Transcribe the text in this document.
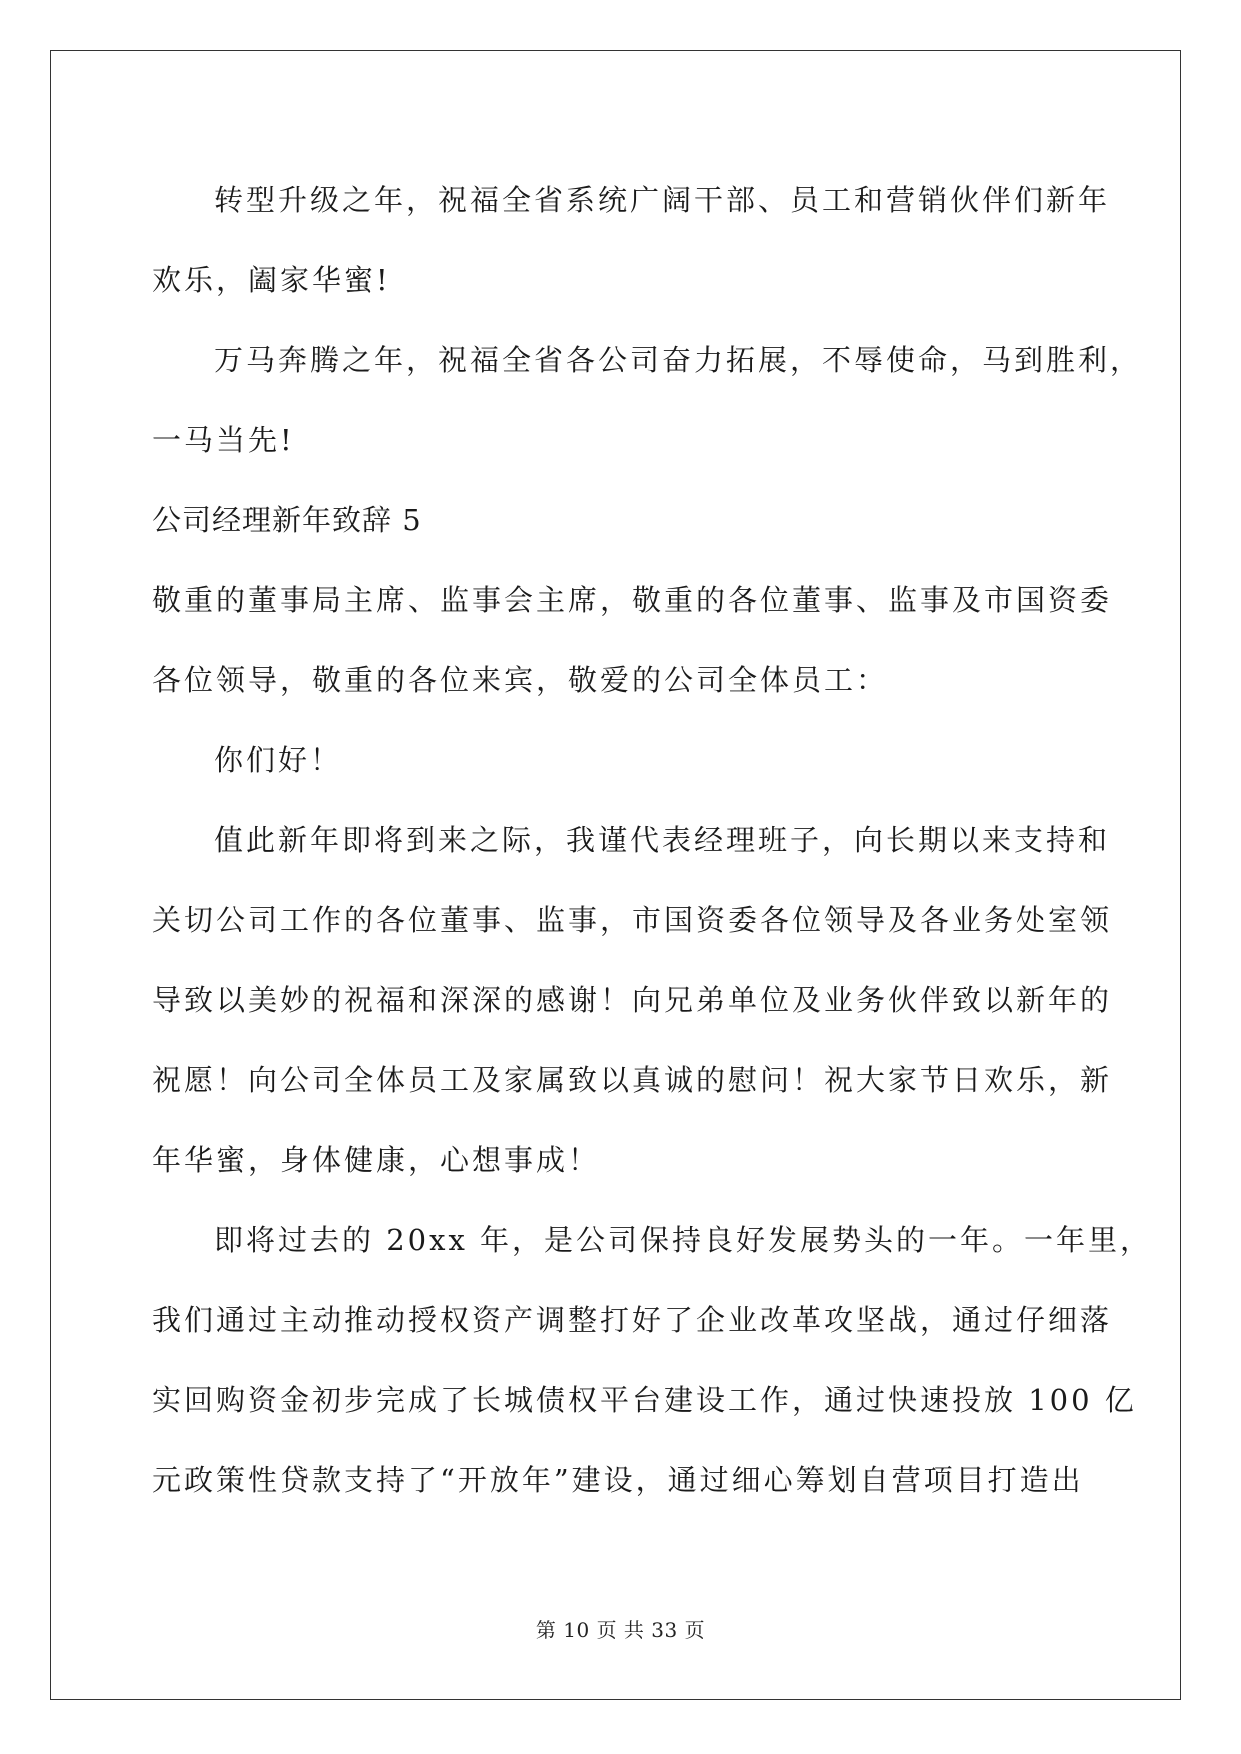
转型升级之年，祝福全省系统广阔干部、员工和营销伙伴们新年
欢乐，阖家华蜜!
万马奔腾之年，祝福全省各公司奋力拓展，不辱使命，马到胜利，
一马当先!
公司经理新年致辞 5
敬重的董事局主席、监事会主席，敬重的各位董事、监事及市国资委
各位领导，敬重的各位来宾，敬爱的公司全体员工：
你们好！
值此新年即将到来之际，我谨代表经理班子，向长期以来支持和
关切公司工作的各位董事、监事，市国资委各位领导及各业务处室领
导致以美妙的祝福和深深的感谢！向兄弟单位及业务伙伴致以新年的
祝愿！向公司全体员工及家属致以真诚的慰问！祝大家节日欢乐，新
年华蜜，身体健康，心想事成！
即将过去的 20xx 年，是公司保持良好发展势头的一年。一年里，
我们通过主动推动授权资产调整打好了企业改革攻坚战，通过仔细落
实回购资金初步完成了长城债权平台建设工作，通过快速投放 100 亿
元政策性贷款支持了“开放年”建设，通过细心筹划自营项目打造出
第 10 页 共 33 页
